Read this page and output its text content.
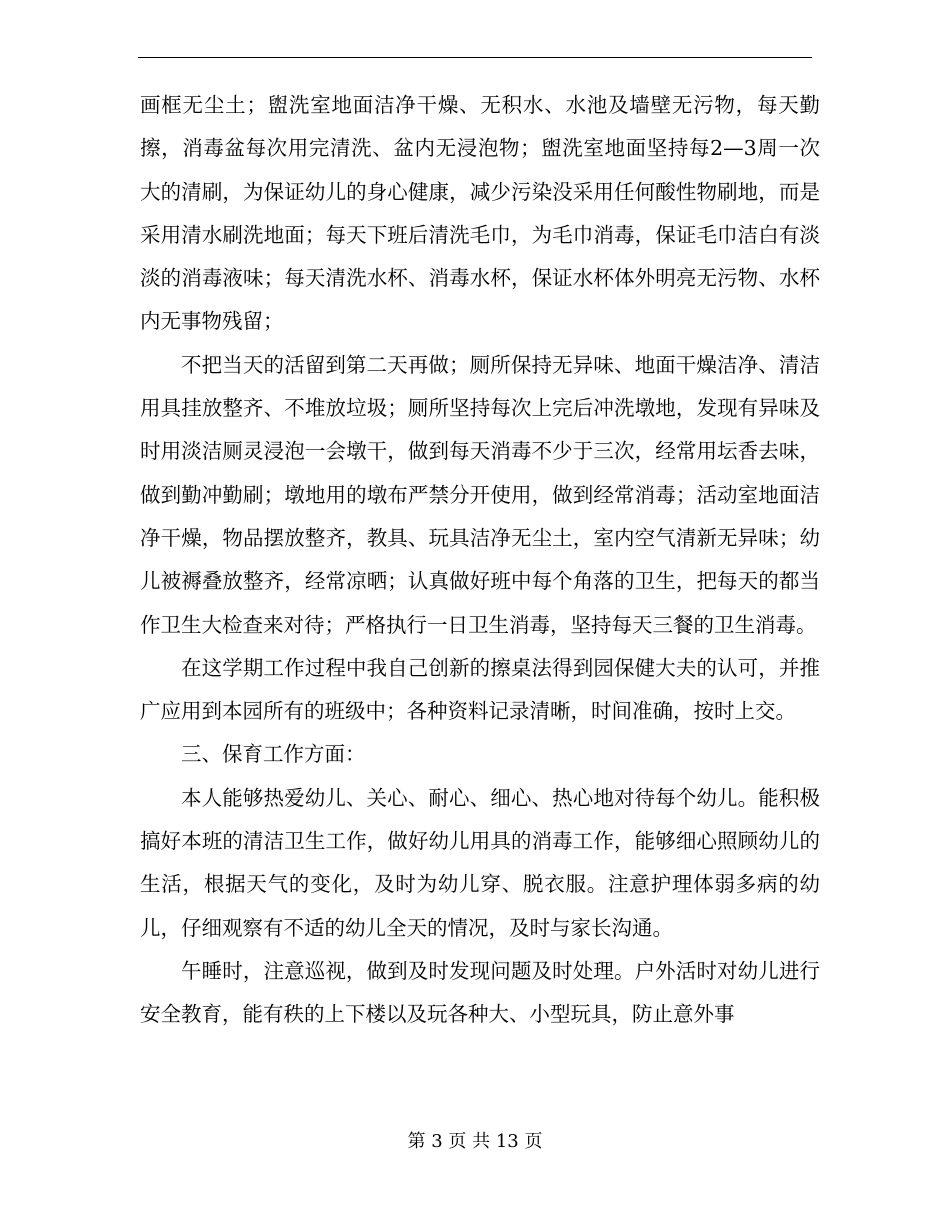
画框无尘土；盥洗室地面洁净干燥、无积水、水池及墙壁无污物，每天勤擦，消毒盆每次用完清洗、盆内无浸泡物；盥洗室地面坚持每2—3周一次大的清刷，为保证幼儿的身心健康，减少污染没采用任何酸性物刷地，而是采用清水刷洗地面；每天下班后清洗毛巾，为毛巾消毒，保证毛巾洁白有淡淡的消毒液味；每天清洗水杯、消毒水杯，保证水杯体外明亮无污物、水杯内无事物残留；

不把当天的活留到第二天再做；厕所保持无异味、地面干燥洁净、清洁用具挂放整齐、不堆放垃圾；厕所坚持每次上完后冲洗墩地，发现有异味及时用淡洁厕灵浸泡一会墩干，做到每天消毒不少于三次，经常用坛香去味，做到勤冲勤刷；墩地用的墩布严禁分开使用，做到经常消毒；活动室地面洁净干燥，物品摆放整齐，教具、玩具洁净无尘土，室内空气清新无异味；幼儿被褥叠放整齐，经常凉晒；认真做好班中每个角落的卫生，把每天的都当作卫生大检查来对待；严格执行一日卫生消毒，坚持每天三餐的卫生消毒。

在这学期工作过程中我自己创新的擦桌法得到园保健大夫的认可，并推广应用到本园所有的班级中；各种资料记录清晰，时间准确，按时上交。

三、保育工作方面：

本人能够热爱幼儿、关心、耐心、细心、热心地对待每个幼儿。能积极搞好本班的清洁卫生工作，做好幼儿用具的消毒工作，能够细心照顾幼儿的生活，根据天气的变化，及时为幼儿穿、脱衣服。注意护理体弱多病的幼儿，仔细观察有不适的幼儿全天的情况，及时与家长沟通。

午睡时，注意巡视，做到及时发现问题及时处理。户外活时对幼儿进行安全教育，能有秩的上下楼以及玩各种大、小型玩具，防止意外事

第 3 页 共 13 页
